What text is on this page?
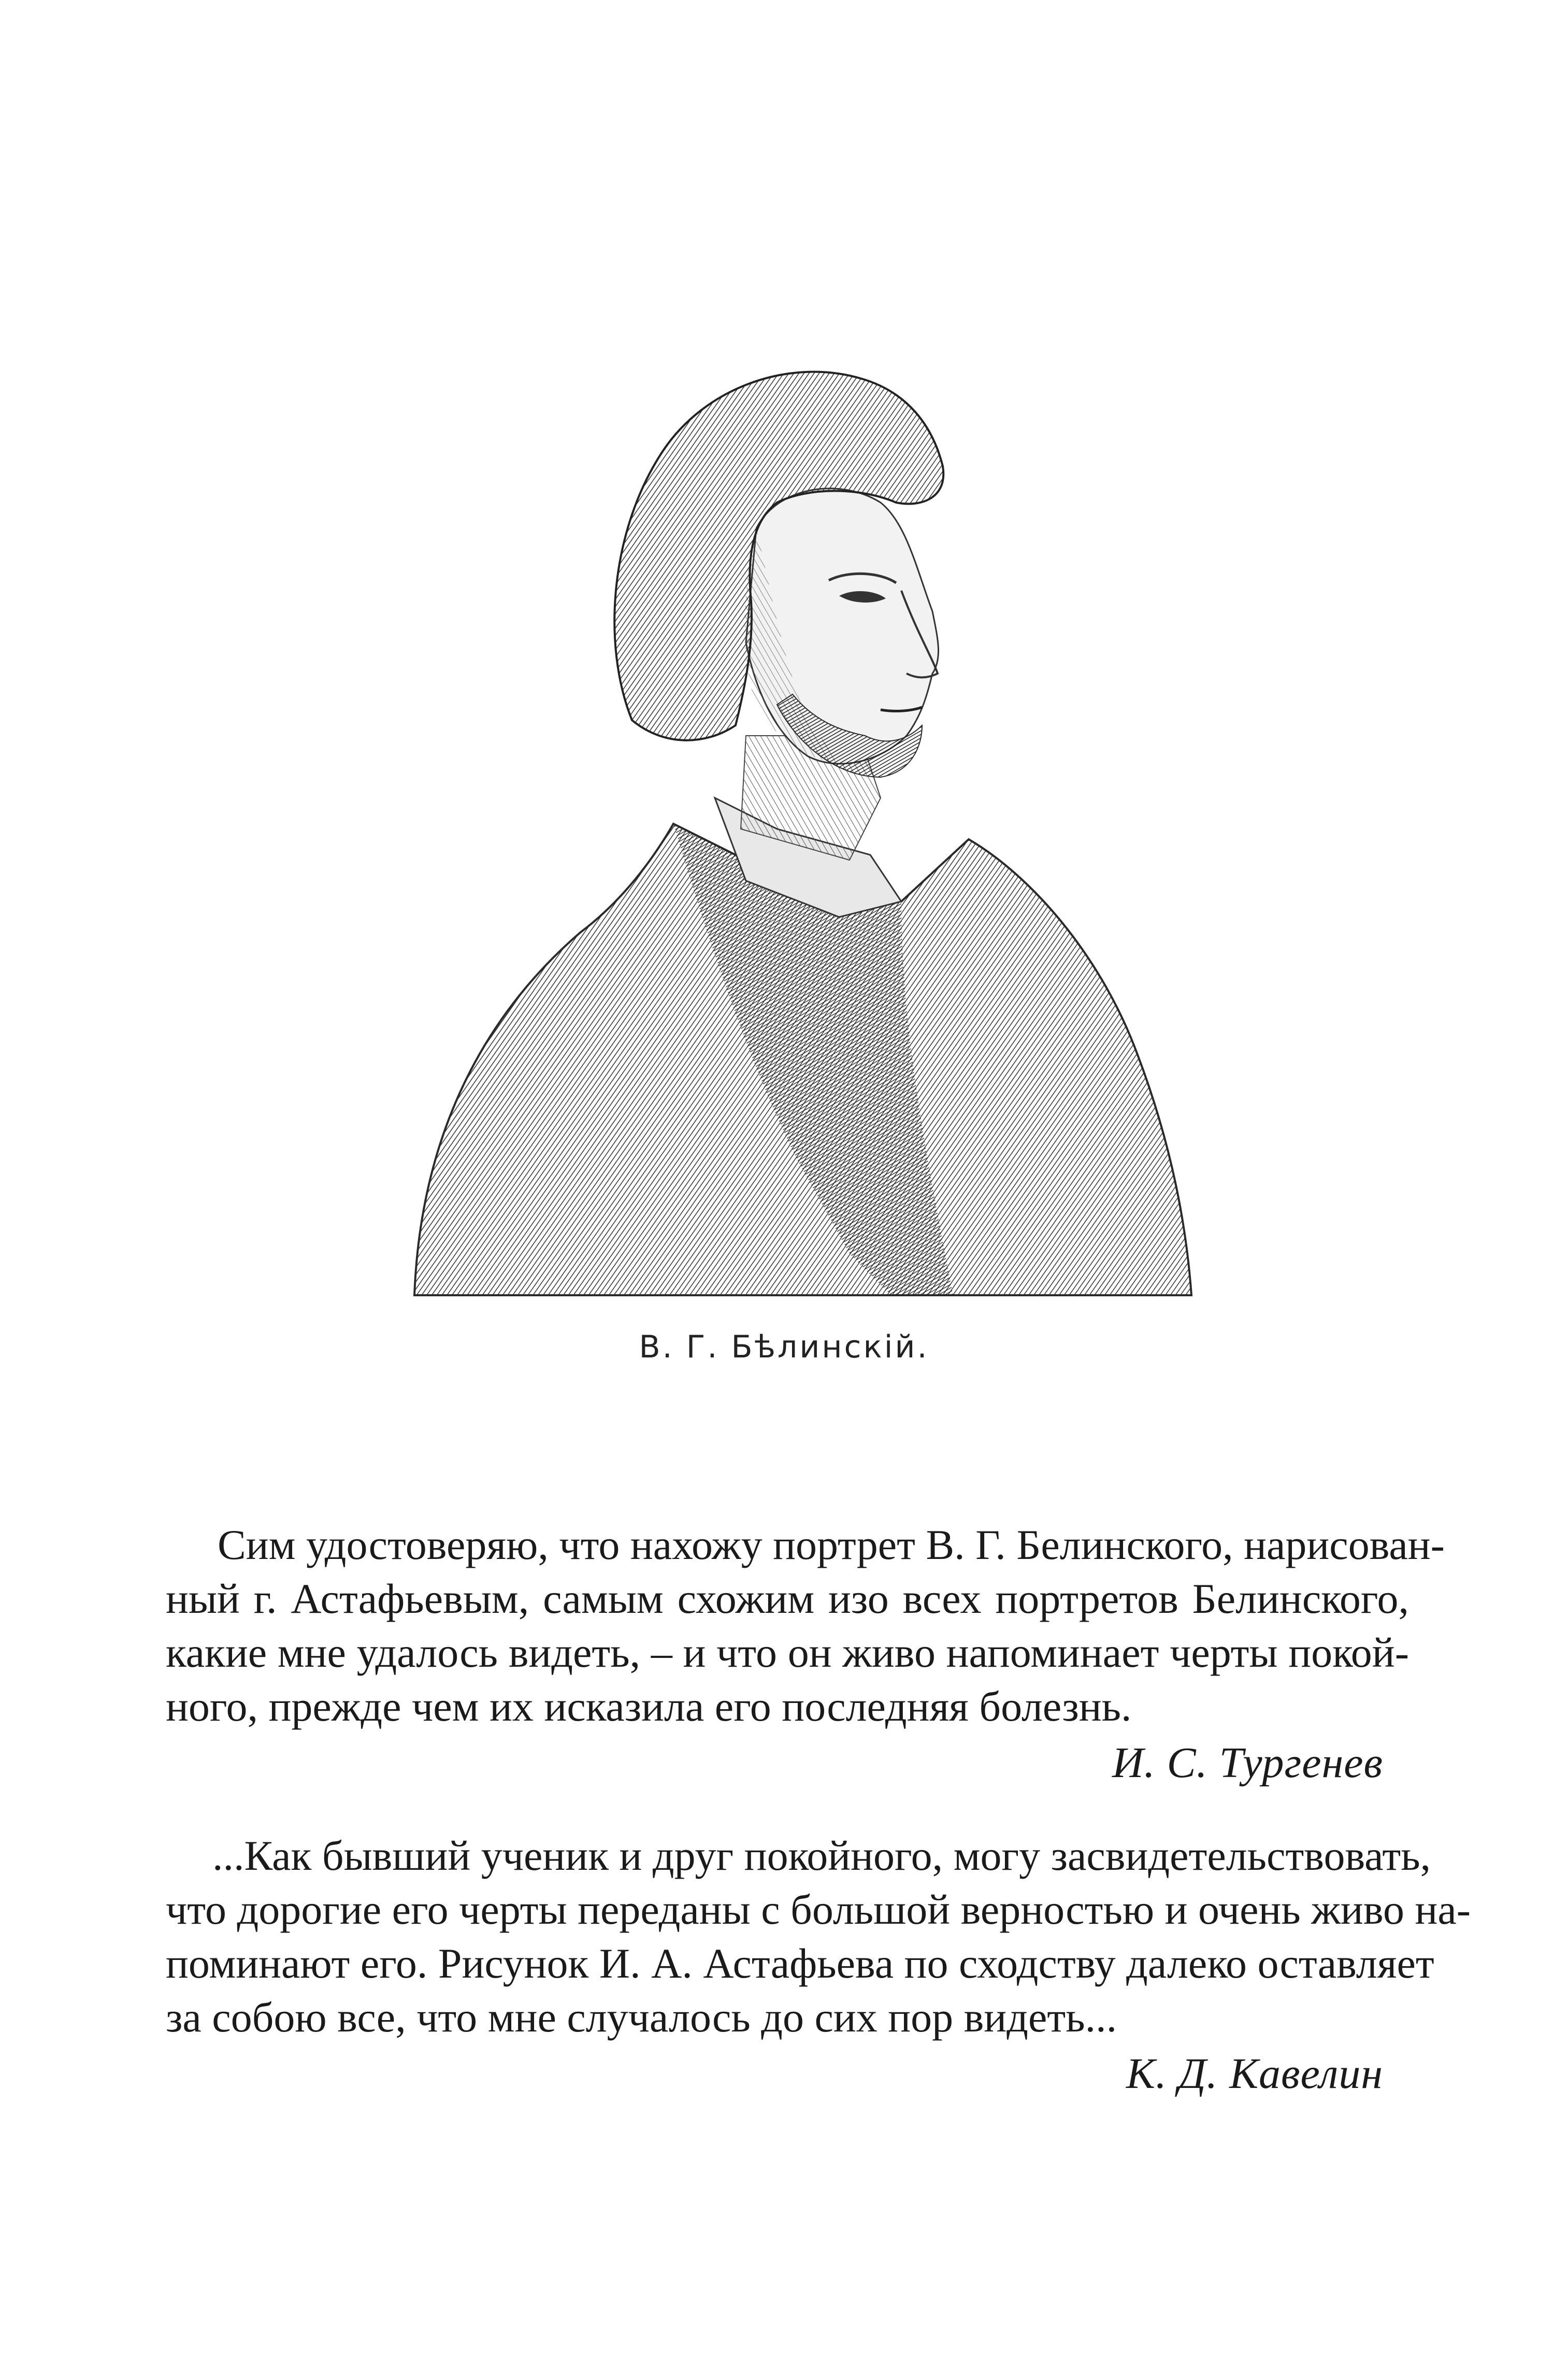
В. Г. Бѣлинскій.
Сим удостоверяю, что нахожу портрет В. Г. Белинского, нарисован-
ный г. Астафьевым, самым схожим изо всех портретов Белинского,
какие мне удалось видеть, – и что он живо напоминает черты покой-
ного, прежде чем их исказила его последняя болезнь.
И. С. Тургенев
...Как бывший ученик и друг покойного, могу засвидетельствовать,
что дорогие его черты переданы с большой верностью и очень живо на-
поминают его. Рисунок И. А. Астафьева по сходству далеко оставляет
за собою все, что мне случалось до сих пор видеть...
К. Д. Кавелин
